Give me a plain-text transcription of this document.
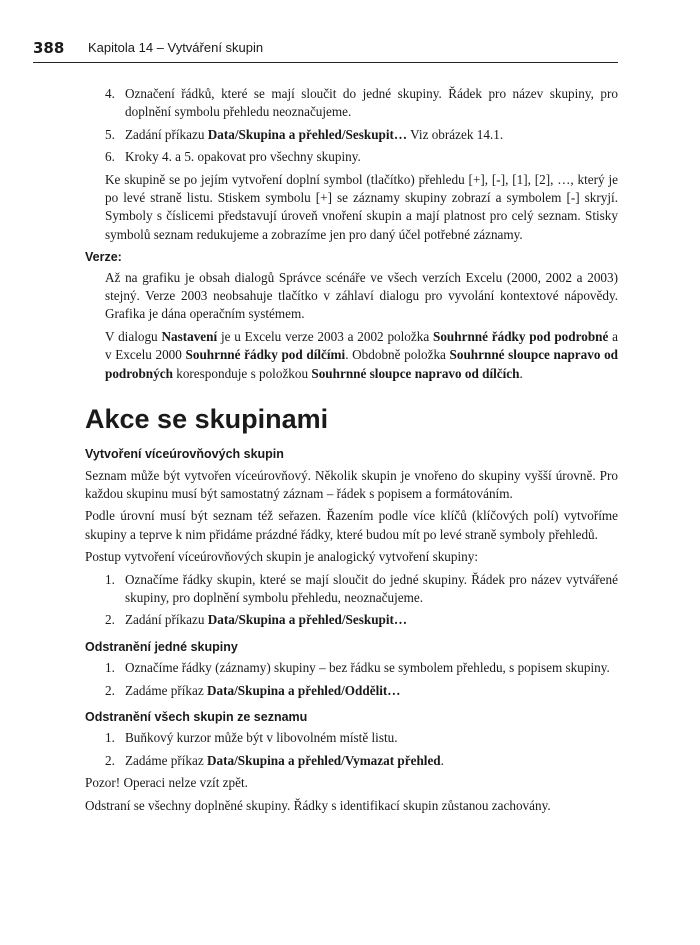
388 Kapitola 14 – Vytváření skupin
4. Označení řádků, které se mají sloučit do jedné skupiny. Řádek pro název skupiny, pro doplnění symbolu přehledu neoznačujeme.
5. Zadání příkazu Data/Skupina a přehled/Seskupit… Viz obrázek 14.1.
6. Kroky 4. a 5. opakovat pro všechny skupiny.

Ke skupině se po jejím vytvoření doplní symbol (tlačítko) přehledu [+], [-], [1], [2], …, který je po levé straně listu. Stiskem symbolu [+] se záznamy skupiny zobrazí a symbolem [-] skryjí. Symboly s číslicemi představují úroveň vnoření skupin a mají platnost pro celý seznam. Stisky symbolů seznam redukujeme a zobrazíme jen pro daný účel potřebné záznamy.

Verze:

Až na grafiku je obsah dialogů Správce scénáře ve všech verzích Excelu (2000, 2002 a 2003) stejný. Verze 2003 neobsahuje tlačítko v záhlaví dialogu pro vyvolání kontextové nápovědy. Grafika je dána operačním systémem.

V dialogu Nastavení je u Excelu verze 2003 a 2002 položka Souhrnné řádky pod podrobné a v Excelu 2000 Souhrnné řádky pod dílčími. Obdobně položka Souhrnné sloupce napravo od podrobných koresponduje s položkou Souhrnné sloupce napravo od dílčích.

Akce se skupinami
Vytvoření víceúrovňových skupin

Seznam může být vytvořen víceúrovňový. Několik skupin je vnořeno do skupiny vyšší úrovně. Pro každou skupinu musí být samostatný záznam – řádek s popisem a formátováním.

Podle úrovní musí být seznam též seřazen. Řazením podle více klíčů (klíčových polí) vytvoříme skupiny a teprve k nim přidáme prázdné řádky, které budou mít po levé straně symboly přehledů.

Postup vytvoření víceúrovňových skupin je analogický vytvoření skupiny:

1. Označíme řádky skupin, které se mají sloučit do jedné skupiny. Řádek pro název vytvářené skupiny, pro doplnění symbolu přehledu, neoznačujeme.
2. Zadání příkazu Data/Skupina a přehled/Seskupit…
Odstranění jedné skupiny
1. Označíme řádky (záznamy) skupiny – bez řádku se symbolem přehledu, s popisem skupiny.
2. Zadáme příkaz Data/Skupina a přehled/Oddělit…
Odstranění všech skupin ze seznamu
1. Buňkový kurzor může být v libovolném místě listu.
2. Zadáme příkaz Data/Skupina a přehled/Vymazat přehled.

Pozor! Operaci nelze vzít zpět.

Odstraní se všechny doplněné skupiny. Řádky s identifikací skupin zůstanou zachovány.
